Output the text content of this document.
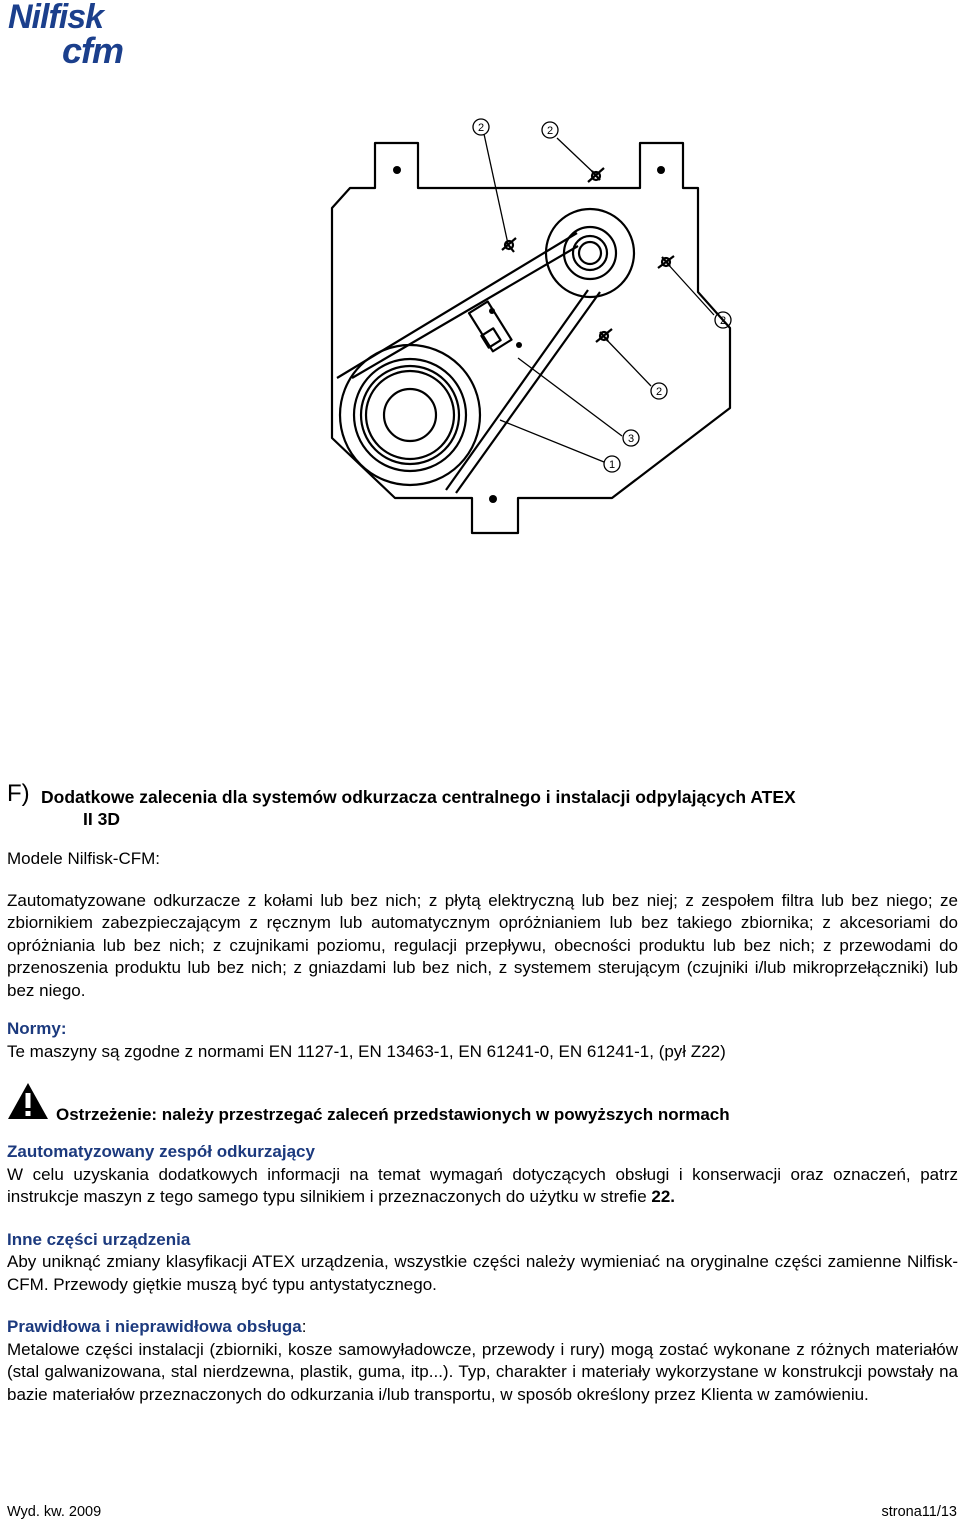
Nilfisk
cfm
2	2
2
2
3
1
F) Dodatkowe zalecenia dla systemów odkurzacza centralnego i instalacji odpylających ATEX
II 3D

Modele Nilfisk-CFM:

Zautomatyzowane odkurzacze z kołami lub bez nich; z płytą elektryczną lub bez niej; z zespołem filtra lub bez niego; ze zbiornikiem zabezpieczającym z ręcznym lub automatycznym opróżnianiem lub bez takiego zbiornika; z akcesoriami do opróżniania lub bez nich; z czujnikami poziomu, regulacji przepływu, obecności produktu lub bez nich; z przewodami do przenoszenia produktu lub bez nich; z gniazdami lub bez nich, z systemem sterującym (czujniki i/lub mikroprzełączniki) lub bez niego.

Normy:

Te maszyny są zgodne z normami EN 1127-1, EN 13463-1, EN 61241-0, EN 61241-1, (pył Z22)

Ostrzeżenie: należy przestrzegać zaleceń przedstawionych w powyższych normach

Zautomatyzowany zespół odkurzający

W celu uzyskania dodatkowych informacji na temat wymagań dotyczących obsługi i konserwacji oraz oznaczeń, patrz instrukcje maszyn z tego samego typu silnikiem i przeznaczonych do użytku w strefie 22.

Inne części urządzenia

Aby uniknąć zmiany klasyfikacji ATEX urządzenia, wszystkie części należy wymieniać na oryginalne części zamienne Nilfisk-CFM. Przewody giętkie muszą być typu antystatycznego.

Prawidłowa i nieprawidłowa obsługa:

Metalowe części instalacji (zbiorniki, kosze samowyładowcze, przewody i rury) mogą zostać wykonane z różnych materiałów (stal galwanizowana, stal nierdzewna, plastik, guma, itp...). Typ, charakter i materiały wykorzystane w konstrukcji powstały na bazie materiałów przeznaczonych do odkurzania i/lub transportu, w sposób określony przez Klienta w zamówieniu.

Wyd. kw. 2009	strona11/13
